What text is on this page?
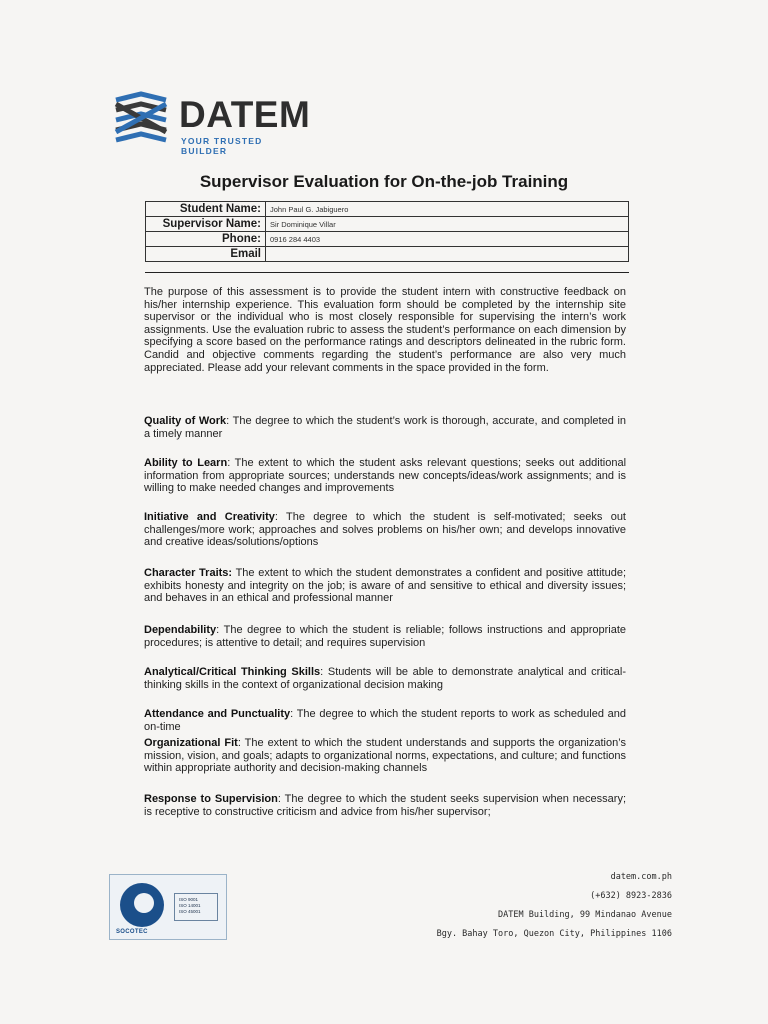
DATEM
YOUR TRUSTED BUILDER
Supervisor Evaluation for On-the-job Training
Student Name:	John Paul G. Jabiguero
Supervisor Name:	Sir Dominique Villar
Phone:	0916 284 4403
Email	

The purpose of this assessment is to provide the student intern with constructive feedback on his/her internship experience. This evaluation form should be completed by the internship site supervisor or the individual who is most closely responsible for supervising the intern’s work assignments. Use the evaluation rubric to assess the student’s performance on each dimension by specifying a score based on the performance ratings and descriptors delineated in the rubric form. Candid and objective comments regarding the student’s performance are also very much appreciated. Please add your relevant comments in the space provided in the form.

Quality of Work: The degree to which the student’s work is thorough, accurate, and completed in a timely manner

Ability to Learn: The extent to which the student asks relevant questions; seeks out additional information from appropriate sources; understands new concepts/ideas/work assignments; and is willing to make needed changes and improvements

Initiative and Creativity: The degree to which the student is self-motivated; seeks out challenges/more work; approaches and solves problems on his/her own; and develops innovative and creative ideas/solutions/options

Character Traits: The extent to which the student demonstrates a confident and positive attitude; exhibits honesty and integrity on the job; is aware of and sensitive to ethical and diversity issues; and behaves in an ethical and professional manner

Dependability: The degree to which the student is reliable; follows instructions and appropriate procedures; is attentive to detail; and requires supervision

Analytical/Critical Thinking Skills: Students will be able to demonstrate analytical and critical-thinking skills in the context of organizational decision making

Attendance and Punctuality: The degree to which the student reports to work as scheduled and on-time

Organizational Fit: The extent to which the student understands and supports the organization’s mission, vision, and goals; adapts to organizational norms, expectations, and culture; and functions within appropriate authority and decision-making channels

Response to Supervision: The degree to which the student seeks supervision when necessary; is receptive to constructive criticism and advice from his/her supervisor;

SOCOTEC
ISO 9001
ISO 14001
ISO 45001
datem.com.ph
(+632) 8923-2836
DATEM Building, 99 Mindanao Avenue
Bgy. Bahay Toro, Quezon City, Philippines 1106
